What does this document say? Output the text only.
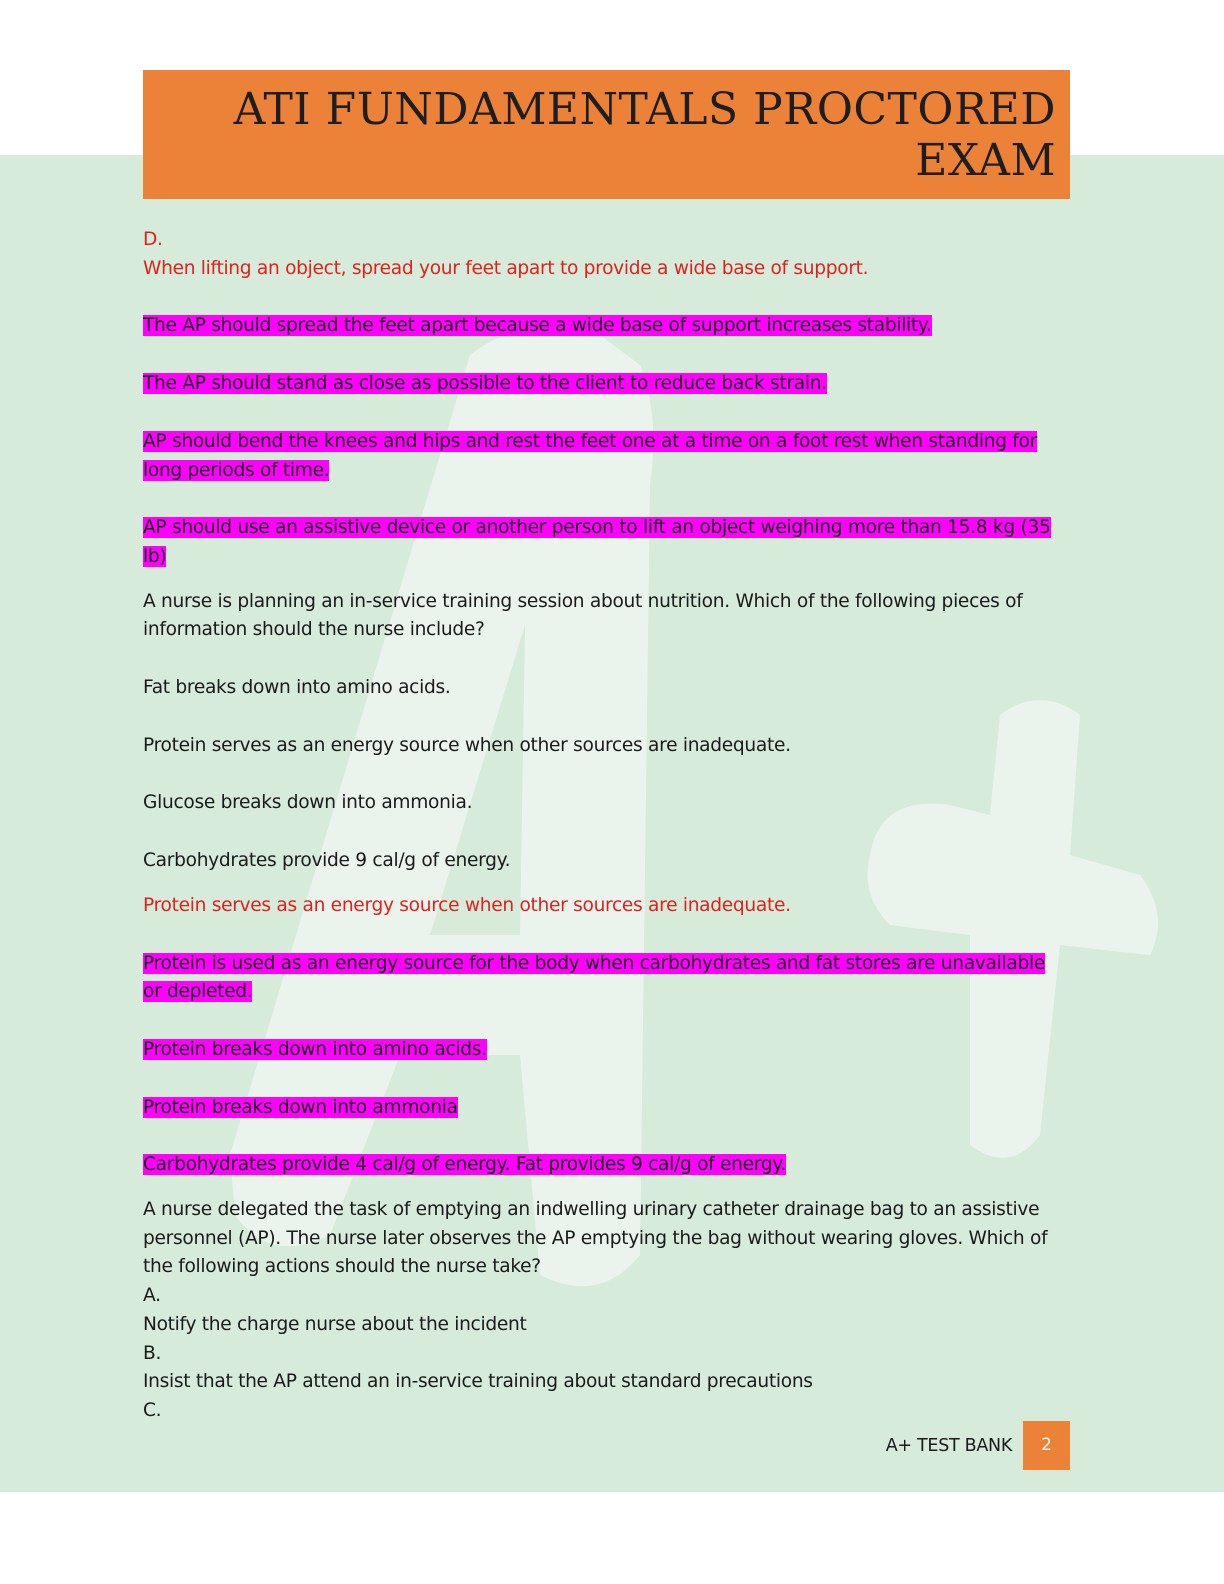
ATI FUNDAMENTALS PROCTORED
EXAM

D.

When lifting an object, spread your feet apart to provide a wide base of support.

The AP should spread the feet apart because a wide base of support increases stability.

The AP should stand as close as possible to the client to reduce back strain.

AP should bend the knees and hips and rest the feet one at a time on a foot rest when standing for

long periods of time.

AP should use an assistive device or another person to lift an object weighing more than 15.8 kg (35

lb)

A nurse is planning an in-service training session about nutrition. Which of the following pieces of information should the nurse include?

Fat breaks down into amino acids.

Protein serves as an energy source when other sources are inadequate.

Glucose breaks down into ammonia.

Carbohydrates provide 9 cal/g of energy.

Protein serves as an energy source when other sources are inadequate.

Protein is used as an energy source for the body when carbohydrates and fat stores are unavailable

or depleted.

Protein breaks down into amino acids.

Protein breaks down into ammonia

Carbohydrates provide 4 cal/g of energy. Fat provides 9 cal/g of energy.

A nurse delegated the task of emptying an indwelling urinary catheter drainage bag to an assistive personnel (AP). The nurse later observes the AP emptying the bag without wearing gloves. Which of the following actions should the nurse take?

A.

Notify the charge nurse about the incident

B.

Insist that the AP attend an in-service training about standard precautions

C.

A+ TEST BANK	2
